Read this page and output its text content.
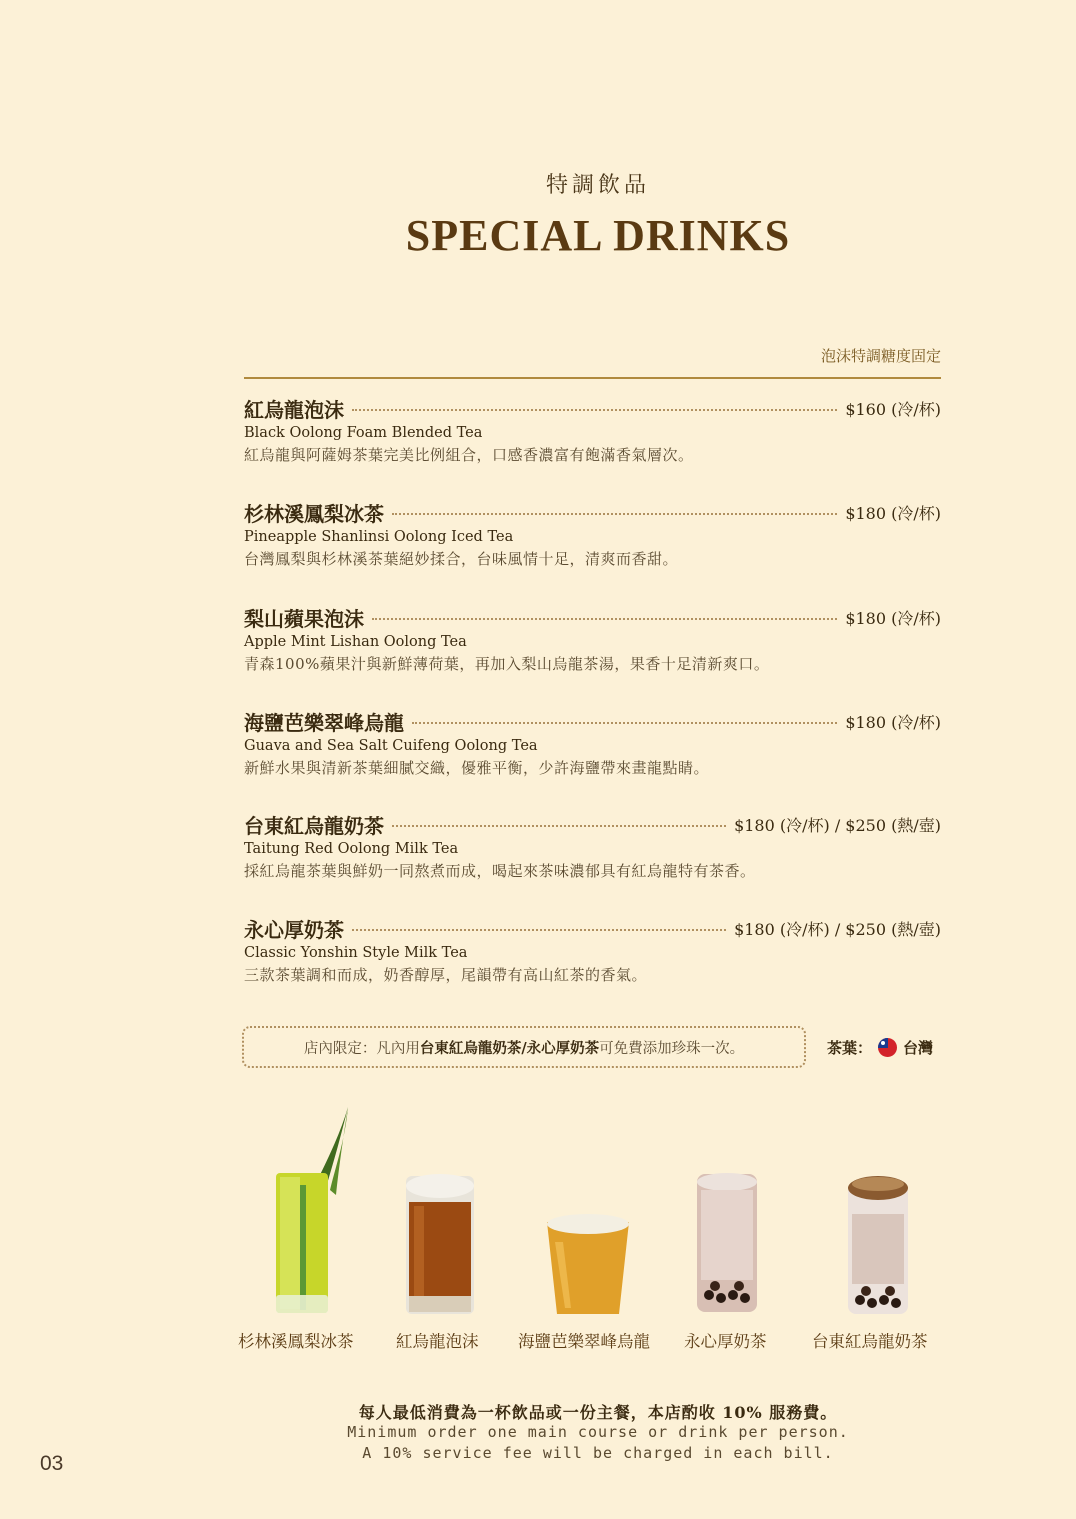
特調飲品
SPECIAL DRINKS
泡沫特調糖度固定
紅烏龍泡沫	$160 (冷/杯)
Black Oolong Foam Blended Tea
紅烏龍與阿薩姆茶葉完美比例組合，口感香濃富有飽滿香氣層次。
杉林溪鳳梨冰茶	$180 (冷/杯)
Pineapple Shanlinsi Oolong Iced Tea
台灣鳳梨與杉林溪茶葉絕妙揉合，台味風情十足，清爽而香甜。
梨山蘋果泡沫	$180 (冷/杯)
Apple Mint Lishan Oolong Tea
青森100%蘋果汁與新鮮薄荷葉，再加入梨山烏龍茶湯，果香十足清新爽口。
海鹽芭樂翠峰烏龍	$180 (冷/杯)
Guava and Sea Salt Cuifeng Oolong Tea
新鮮水果與清新茶葉細膩交織，優雅平衡，少許海鹽帶來畫龍點睛。
台東紅烏龍奶茶	$180 (冷/杯) / $250 (熱/壺)
Taitung Red Oolong Milk Tea
採紅烏龍茶葉與鮮奶一同熬煮而成，喝起來茶味濃郁具有紅烏龍特有茶香。
永心厚奶茶	$180 (冷/杯) / $250 (熱/壺)
Classic Yonshin Style Milk Tea
三款茶葉調和而成，奶香醇厚，尾韻帶有高山紅茶的香氣。
店內限定：凡內用 台東紅烏龍奶茶/永心厚奶茶 可免費添加珍珠一次。	茶葉： 台灣
杉林溪鳳梨冰茶	紅烏龍泡沫 海鹽芭樂翠峰烏龍 永心厚奶茶	台東紅烏龍奶茶
每人最低消費為一杯飲品或一份主餐，本店酌收 10% 服務費。
Minimum order one main course or drink per person.
A 10% service fee will be charged in each bill.
03
